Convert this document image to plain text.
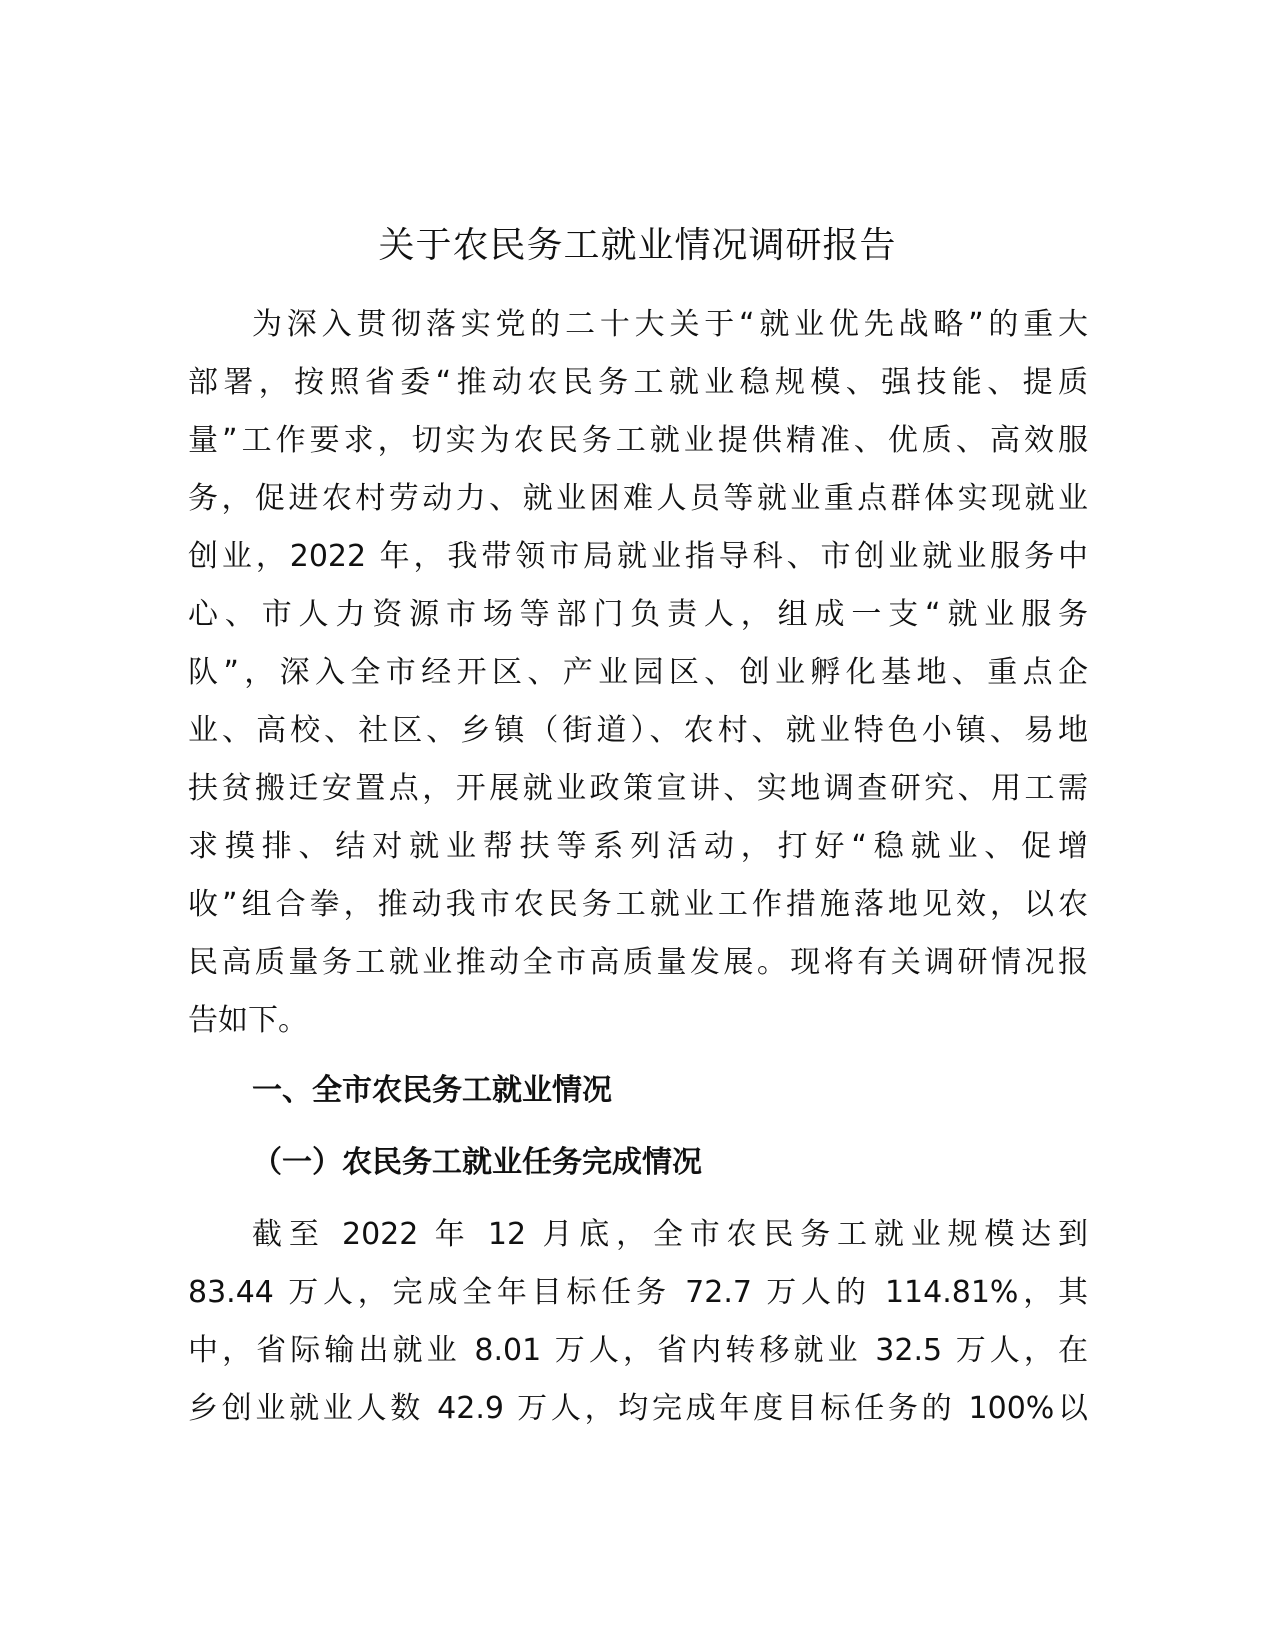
关于农民务工就业情况调研报告
为深入贯彻落实党的二十大关于“就业优先战略”的重大
部署，按照省委“推动农民务工就业稳规模、强技能、提质
量”工作要求，切实为农民务工就业提供精准、优质、高效服
务，促进农村劳动力、就业困难人员等就业重点群体实现就业
创业，2022 年，我带领市局就业指导科、市创业就业服务中
心、市人力资源市场等部门负责人，组成一支“就业服务
队”，深入全市经开区、产业园区、创业孵化基地、重点企
业、高校、社区、乡镇（街道）、农村、就业特色小镇、易地
扶贫搬迁安置点，开展就业政策宣讲、实地调查研究、用工需
求摸排、结对就业帮扶等系列活动，打好“稳就业、促增
收”组合拳，推动我市农民务工就业工作措施落地见效，以农
民高质量务工就业推动全市高质量发展。现将有关调研情况报
告如下。
一、全市农民务工就业情况
（一）农民务工就业任务完成情况
截至 2022 年 12 月底，全市农民务工就业规模达到
83.44 万人，完成全年目标任务 72.7 万人的 114.81%，其
中，省际输出就业 8.01 万人，省内转移就业 32.5 万人，在
乡创业就业人数 42.9 万人，均完成年度目标任务的 100%以
